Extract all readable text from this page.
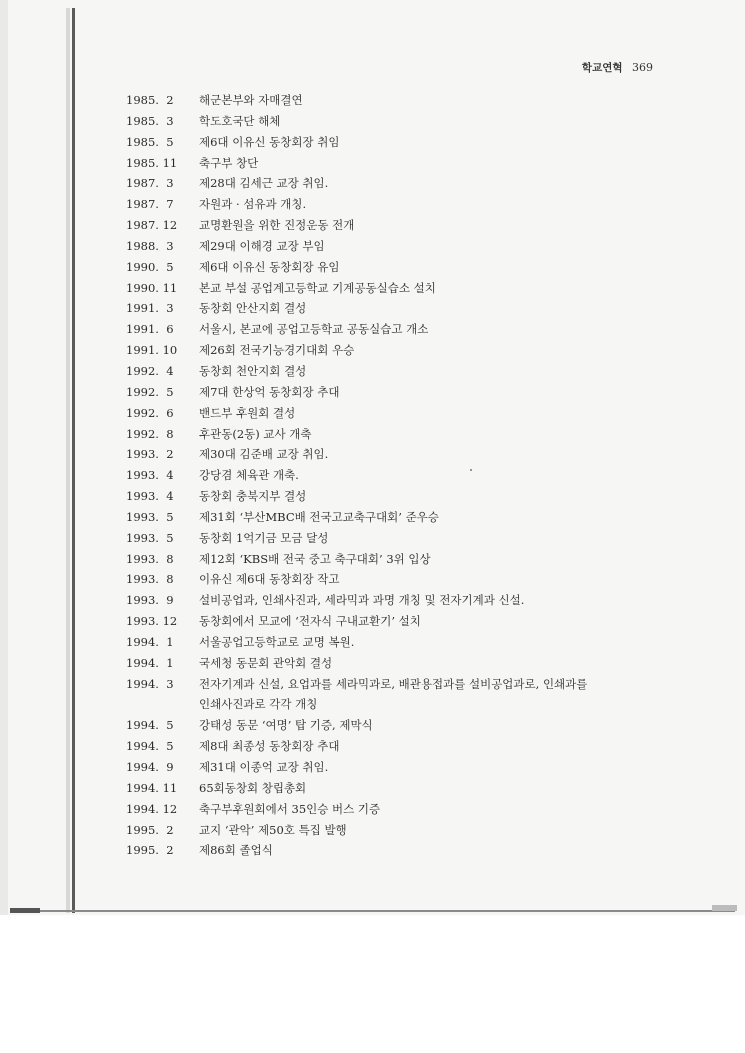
학교연혁 369
1985.  2	해군본부와 자매결연
1985.  3	학도호국단 해체
1985.  5	제6대 이유신 동창회장 취임
1985. 11	축구부 창단
1987.  3	제28대 김세근 교장 취임.
1987.  7	자원과 · 섬유과 개칭.
1987. 12	교명환원을 위한 진정운동 전개
1988.  3	제29대 이해경 교장 부임
1990.  5	제6대 이유신 동창회장 유임
1990. 11	본교 부설 공업계고등학교 기계공동실습소 설치
1991.  3	동창회 안산지회 결성
1991.  6	서울시, 본교에 공업고등학교 공동실습고 개소
1991. 10	제26회 전국기능경기대회 우승
1992.  4	동창회 천안지회 결성
1992.  5	제7대 한상억 동창회장 추대
1992.  6	밴드부 후원회 결성
1992.  8	후관동(2동) 교사 개축
1993.  2	제30대 김준배 교장 취임.
1993.  4	강당겸 체육관 개축.
1993.  4	동창회 충북지부 결성
1993.  5	제31회 ‘부산MBC배 전국고교축구대회’ 준우승
1993.  5	동창회 1억기금 모금 달성
1993.  8	제12회 ‘KBS배 전국 중고 축구대회’ 3위 입상
1993.  8	이유신 제6대 동창회장 작고
1993.  9	설비공업과, 인쇄사진과, 세라믹과 과명 개칭 및 전자기계과 신설.
1993. 12	동창회에서 모교에 ‘전자식 구내교환기’ 설치
1994.  1	서울공업고등학교로 교명 복원.
1994.  1	국세청 동문회 관악회 결성
1994.  3	전자기계과 신설, 요업과를 세라믹과로, 배관용접과를 설비공업과로, 인쇄과를
인쇄사진과로 각각 개칭
1994.  5	강태성 동문 ‘여명’ 탑 기증, 제막식
1994.  5	제8대 최종성 동창회장 추대
1994.  9	제31대 이종억 교장 취임.
1994. 11	65회동창회 창립총회
1994. 12	축구부후원회에서 35인승 버스 기증
1995.  2	교지 ‘관악’ 제50호 특집 발행
1995.  2	제86회 졸업식
